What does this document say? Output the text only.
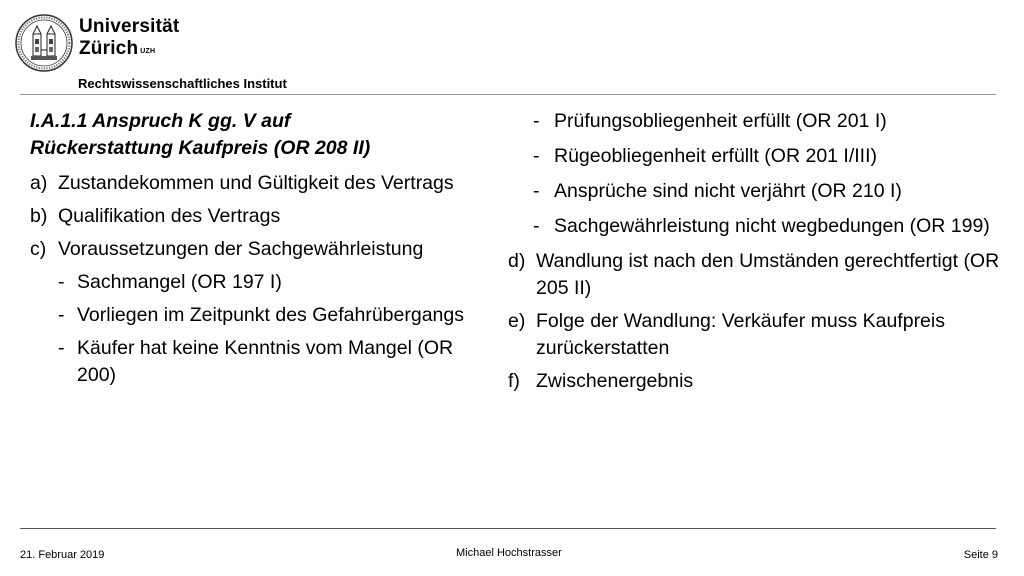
Universität
Zürich $^{UZH}$
Rechtswissenschaftliches Institut
I.A.1.1 Anspruch K gg. V auf
Rückerstattung Kaufpreis (OR 208 II)
a) Zustandekommen und Gültigkeit des Vertrags
b) Qualifikation des Vertrags
c) Voraussetzungen der Sachgewährleistung
- Sachmangel (OR 197 I)
- Vorliegen im Zeitpunkt des Gefahrübergangs
- Käufer hat keine Kenntnis vom Mangel (OR 200)
- Prüfungsobliegenheit erfüllt (OR 201 I)
- Rügeobliegenheit erfüllt (OR 201 I/III)
- Ansprüche sind nicht verjährt (OR 210 I)
- Sachgewährleistung nicht wegbedungen (OR 199)
d) Wandlung ist nach den Umständen gerechtfertigt (OR 205 II)
e) Folge der Wandlung: Verkäufer muss Kaufpreis zurückerstatten
f) Zwischenergebnis
21. Februar 2019	Michael Hochstrasser	Seite 9
